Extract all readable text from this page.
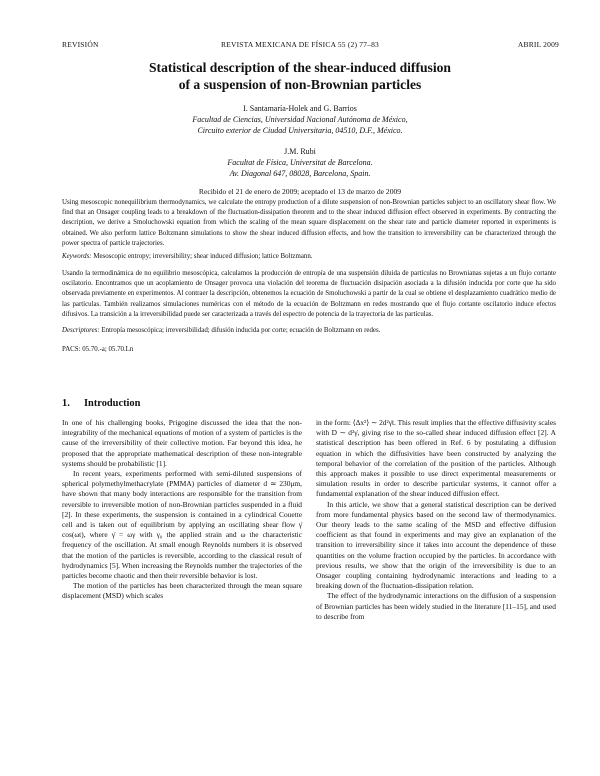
REVISIÓN	REVISTA MEXICANA DE FÍSICA 55 (2) 77–83	ABRIL 2009
Statistical description of the shear-induced diffusion
of a suspension of non-Brownian particles
I. Santamaría-Holek and G. Barrios
Facultad de Ciencias, Universidad Nacional Autónoma de México,
Circuito exterior de Ciudad Universitaria, 04510, D.F., México.
J.M. Rubi
Facultat de Física, Universitat de Barcelona.
Av. Diagonal 647, 08028, Barcelona, Spain.
Recibido el 21 de enero de 2009; aceptado el 13 de marzo de 2009
Using mesoscopic nonequilibrium thermodynamics, we calculate the entropy production of a dilute suspension of non-Brownian particles subject to an oscillatory shear flow. We find that an Onsager coupling leads to a breakdown of the fluctuation-dissipation theorem and to the shear induced diffusion effect observed in experiments. By contracting the description, we derive a Smoluchowski equation from which the scaling of the mean square displacement on the shear rate and particle diameter reported in experiments is obtained. We also perform lattice Boltzmann simulations to show the shear induced diffusion effects, and how the transition to irreversibility can be characterized through the power spectra of particle trajectories.
Keywords: Mesoscopic entropy; irreversibility; shear induced diffusion; lattice Boltzmann.
Usando la termodinámica de no equilibrio mesoscópica, calculamos la producción de entropía de una suspensión diluida de partículas no Brownianas sujetas a un flujo cortante oscilatorio. Encontramos que un acoplamiento de Onsager provoca una violación del teorema de fluctuación disipación asociada a la difusión inducida por corte que ha sido observada previamente en experimentos. Al contraer la descripción, obtenemos la ecuación de Smoluchowski a partir de la cual se obtiene el desplazamiento cuadrático medio de las partículas. También realizamos simulaciones numéricas con el método de la ecuación de Boltzmann en redes mostrando que el flujo cortante oscilatorio induce efectos difusivos. La transición a la irreversibilidad puede ser caracterizada a través del espectro de potencia de la trayectoria de las partículas.
Descriptores: Entropía mesoscópica; irreversibilidad; difusión inducida por corte; ecuación de Boltzmann en redes.
PACS: 05.70.-a; 05.70.Ln
1. Introduction

In one of his challenging books, Prigogine discussed the idea that the non-integrability of the mechanical equations of motion of a system of particles is the cause of the irreversibility of their collective motion. Far beyond this idea, he proposed that the appropriate mathematical description of these non-integrable systems should be probabilistic [1].

In recent years, experiments performed with semi-diluted suspensions of spherical polymethylmethacrylate (PMMA) particles of diameter d ≃ 230μm, have shown that many body interactions are responsible for the transition from reversible to irreversible motion of non-Brownian particles suspended in a fluid [2]. In these experiments, the suspension is contained in a cylindrical Couette cell and is taken out of equilibrium by applying an oscillating shear flow γ̇ cos(ωt), where γ̇ = ωγ with γ₀ the applied strain and ω the characteristic frequency of the oscillation. At small enough Reynolds numbers it is observed that the motion of the particles is reversible, according to the classical result of hydrodynamics [5]. When increasing the Reynolds number the trajectories of the particles become chaotic and then their reversible behavior is lost.

The motion of the particles has been characterized through the mean square displacement (MSD) which scales

in the form: ⟨Δx²⟩ ∼ 2d²γ̇t. This result implies that the effective diffusivity scales with D ∼ d²γ̇, giving rise to the so-called shear induced diffusion effect [2]. A statistical description has been offered in Ref. 6 by postulating a diffusion equation in which the diffusivities have been constructed by analyzing the temporal behavior of the correlation of the position of the particles. Although this approach makes it possible to use direct experimental measurements or simulation results in order to describe particular systems, it cannot offer a fundamental explanation of the shear induced diffusion effect.

In this article, we show that a general statistical description can be derived from more fundamental physics based on the second law of thermodynamics. Our theory leads to the same scaling of the MSD and effective diffusion coefficient as that found in experiments and may give an explanation of the transition to irreversibility since it takes into account the dependence of these quantities on the volume fraction occupied by the particles. In accordance with previous results, we show that the origin of the irreversibility is due to an Onsager coupling containing hydrodynamic interactions and leading to a breaking down of the fluctuation-dissipation relation.

The effect of the hydrodynamic interactions on the diffusion of a suspension of Brownian particles has been widely studied in the literature [11–15], and used to describe from
